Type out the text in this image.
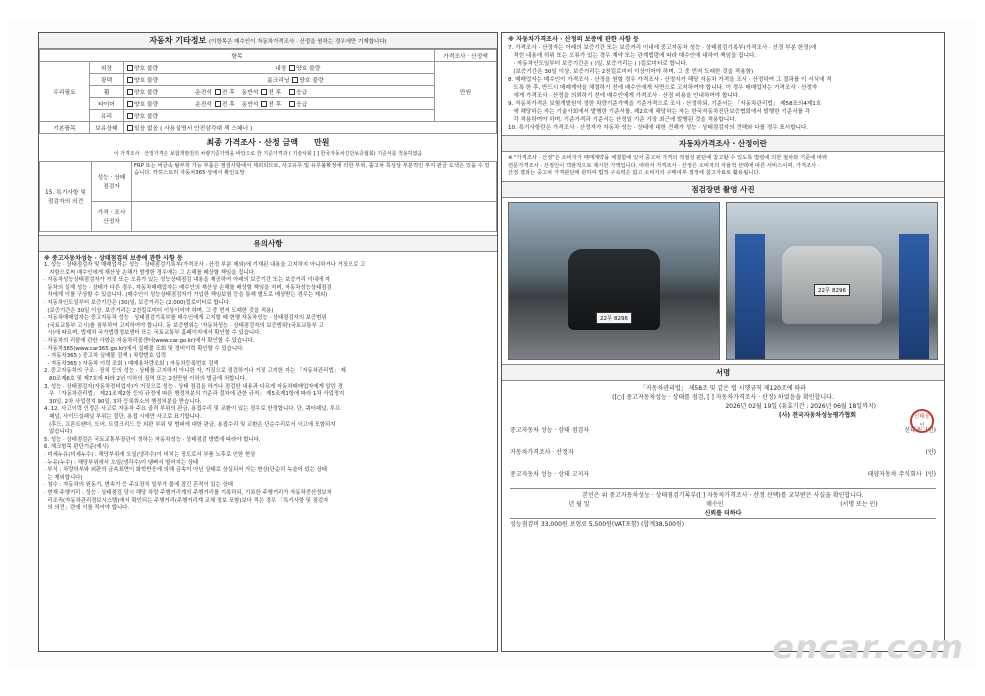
자동차 기타정보 (이항목은 매수인이 자동차가격조사 · 산정을 원하는 경우에만 기재합니다)
항목			가격조사 · 산정액
수리필요	외장	양호 불량 내장 양호 불량	만원
	광택	양호 불량 룸크리닝 양호 불량	
	휠	양호 불량 운전석 전 후 동반석 전 후 응급	
	타이어	양호 불량 운전석 전 후 동반석 전 후 응급	
	유리	양호 불량	
기본품목	보유상태	있음 없음 ( 사용설명서 안전삼각대 잭 스패너 )	
최종 가격조사 · 산정 금액 만원
이 가격조사 · 산정가격은 보험개발원의 차량기준가액을 바탕으로 한 기준가격과 ( 기술사회 [ ] 한국자동차진단보증협회) 기준서를 적용하였음
15. 특기사항 및 점검자의 의견	성능 · 상태 점검자	FRP 또는 비금속 탈부착 가능 부품은 점검사항에서 제외되므로, 사고유무 및 유무불확정에 의한 부위, 출고차 특성상 부분적인 부식 판금 도색은 있을 수 있습니다. 카히스토리 자동차365 상에서 확인요망
	가격 · 조사 산정자	
유의사항
※ 중고자동차성능 · 상태점검의 보증에 관한 사항 등
1. 성능 · 상태점검자 및 매매업자는 성능 · 상태점검기록부(가격조사 · 산정 부분 제외)에 기재된 내용을 고지하지 아니하거나 거짓으로 고
지함으로써 매수인에게 재산상 손해가 발생한 경우에는 그 손해를 배상할 책임을 집니다.
· 자동차성능상태점검자가 거짓 또는 오류가 있는 성능상태점검 내용을 제공하여 아래의 보증기간 또는 보증거리 이내에 자
동차의 실제 성능 · 상태가 다른 경우, 자동차매매업자는 매수인의 재산상 손해를 배상할 책임을 지며, 자동차성능상태점검
자에게 이를 구상할 수 있습니다. (매수인이 성능상태점검자가 가입한 책임보험 등을 통해 별도로 배상받는 경우는 제외)
· 자동차인도일부터 보증기간은 (30)일, 보증거리는 (2,000)킬로미터로 합니다.
(보증기간은 30일 이상, 보증거리는 2천킬로미터 이상이어야 하며, 그 중 먼저 도래한 것을 적용)
· 자동차매매업자는 중고자동차 성능 · 상태점검기록부를 매수인에게 고지할 때 현행 자동차성능 · 상태점검자의 보증범위
(국토교통부 고시)를 첨부하여 고지하여야 합니다. 동 보증범위는 '자동차성능 · 상태점검자의 보증범위'(국토교통부 고
시)에 따르며, 법제처 국가법령정보센터 또는 국토교통부 홈페이지에서 확인할 수 있습니다.
· 자동차의 리콜에 관한 사항은 자동차리콜센터(www.car.go.kr)에서 확인할 수 있습니다.
· 자동차365(www.car365.go.kr)에서 실매물 조회 및 정비이력 확인할 수 있습니다.
- 자동차365 ) 중고차 실매물 검색 ) 차량번호 입력
- 자동차365 ) 자동차 이력 조회 ) 매매용차량조회 ) 자동차등록번호 검색
2. 중고자동차의 구조 · 장치 등의 성능 · 상태를 고지하지 아니한 자, 거짓으로 점검하거나 거짓 고지한 자는 「자동차관리법」 제
80조제6호 및 제7호에 따라 2년 이하의 징역 또는 2천만원 이하의 벌금에 처합니다.
3. 성능 · 상태점검자(자동차정비업자)가 거짓으로 성능 · 상태 점검을 하거나 점검한 내용과 다르게 자동차매매업자에게 알린 경
우 「자동차관리법」 제21조제2항 등의 규정에 따른 행정처분의 기준과 절차에 관한 규칙」 제5조제1항에 따라 1차 사업정지
30일, 2차 사업정지 90일, 3차 등록취소의 행정처분을 받습니다.
4. 12. 사고이력 인정은 사고로 자동차 주요 골격 부위의 판금, 용접수리 및 교환이 있는 경우로 한정합니다. 단, 쿼터패널, 루프
패널, 사이드실패널 부위는 절단, 용접 시에만 사고로 표기합니다.
(후드, 프론트펜더, 도어, 트렁크리드 등 외판 부위 및 범퍼에 대한 판금, 용접수리 및 교환은 단순수리로서 사고에 포함되지
않습니다)
5. 성능 · 상태점검은 국토교통부장관이 정하는 자동차성능 · 상태점검 방법에 따라야 합니다.
6. 체크항목 판단기준(예시)
· 미세누유(미세누수) : 해당부위에 오일(냉각수)이 비치는 정도로서 부품 노후로 인한 현상
· 누유(누수) : 해당부위에서 오일(냉각수)이 탱뻐서 떨어지는 상태
· 부식 : 차량하부와 외판의 금속표면이 화학반응에 의해 금속이 아닌 상태로 상실되어 가는 현상(단순히 녹슬어 있는 상태
는 제외합니다)
· 침수 : 자동차의 원동기, 변속기 등 주요장치 일부가 물에 잠긴 흔적이 있는 상태
· 현재 주행거리 : 성능 · 상태점검 당시 해당 차량 주행거리계의 주행거리를 기록하되, 기록한 주행거리가 자동차전산정보처
리조직(자동차관리정보시스템)에서 확인되는 주행거리(주행거리계 교체 정보 포함)보다 적은 경우 「특기사항 및 점검자
의 의견」란에 이를 적어야 합니다.
※ 자동차가격조사 · 산정의 보증에 관한 사항 등
7. 가격조사 · 산정자는 아래의 보증기간 또는 보증거리 이내에 중고자동차 성능 · 상태점검기록부(가격조사 · 산정 부분 한정)에
적힌 내용에 허위 또는 오류가 있는 경우 계약 또는 관계법령에 따라 매수인에 대하여 책임을 집니다.
· 자동차인도일부터 보증기간은 ( )일, 보증거리는 ( )킬로미터로 합니다.
(보증기간은 30일 이상, 보증거리는 2천킬로미터 이상이어야 하며, 그 중 먼저 도래한 것을 적용함)
8. 매매업자는 매수인이 가격조사 · 산정을 원할 경우 가격조사 · 산정자가 해당 자동차 가격을 조사 · 산정하여 그 결과를 이 서식에 적
도록 한 후, 반드시 매매계약을 체결하기 전에 매수인에게 서면으로 고지하여야 합니다. 이 경우 매매업자는 가격조사 · 산정자
에게 가격조사 · 산정을 의뢰하기 전에 매수인에게 가격조사 · 산정 비용을 안내하여야 합니다.
9. 자동차가격은 보험개발원이 정한 차량기준가액을 기준가격으로 조사 · 산정하되, 기준서는 「자동차관리법」 제58조의4제1호
에 해당하는 자는 기술사회에서 발행한 기준서를, 제2호에 해당하는 자는 한국자동차진단보증협회에서 발행한 기준서를 각
각 적용하여야 하며, 기준가격과 기준서는 산정일 기준 가장 최근에 발행된 것을 적용합니다.
10. 특기사항란은 가격조사 · 산정자가 자동차 성능 · 상태에 대한 견해가 성능 · 상태점검자의 견해와 다를 경우 표시합니다.
자동차가격조사 · 산정이란
※ "가격조사 · 산정"은 소비자가 매매계약을 체결함에 있어 중고차 가격의 적절성 판단에 참고할 수 있도록 법령에 의한 절차와 기준에 따라
전문가격조사 · 산정인이 객관적으로 제시한 가액입니다. 따라서 가격조사 · 산정은 소비자의 자율적 선택에 따른 서비스이며, 가격조사 ·
산정 결과는 중고차 가격판단에 관하여 법적 구속력은 없고 소비자의 구매여부 결정에 참고자료로 활용됩니다.
점검장면 촬영 사진
22무 8296
22무 8296
서명
「자동차관리법」 제58조 및 같은 법 시행규칙 제120조에 따라
([○] 중고자동차성능 · 상태를 점검, [ ] 자동차가격조사 · 산정) 하였음을 확인합니다.
2026년 02월 19일 (유효기간 : 2026년 06월 18일까지)
(사) 전국자동차성능평가협회	신태웅 인
중고자동차 성능 · 상태 점검자	신태웅 (인)
자동차가격조사 · 산정자	(인)
중고자동차 성능 · 상태 고지자	태양자동차 주식회사 (인)
본인은 위 중고자동차성능 · 상태점검기록부([ ] 자동차가격조사 · 산정 선택)를 교부받은 사실을 확인합니다.
년 월 일	매수인	(서명 또는 인)
신뢰를 더하다
성능점검비 33,000원 보험료 5,500원(VAT포함) (합계38,500원)
encar.com
